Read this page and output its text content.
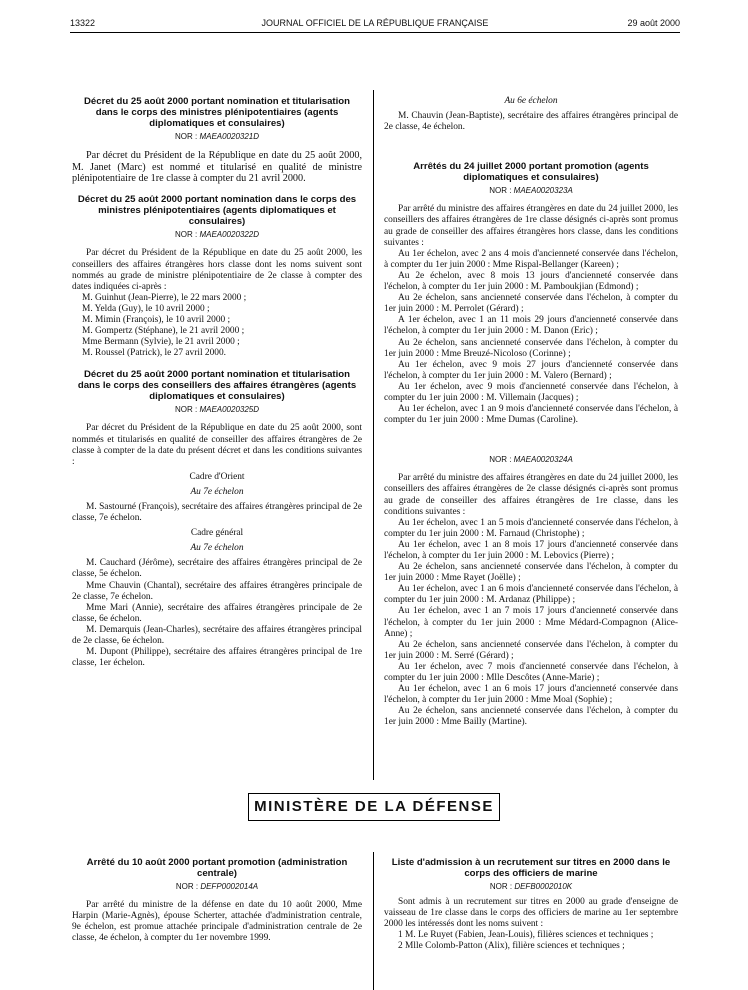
13322	JOURNAL OFFICIEL DE LA RÉPUBLIQUE FRANÇAISE	29 août 2000
Décret du 25 août 2000 portant nomination et titularisation dans le corps des ministres plénipotentiaires (agents diplomatiques et consulaires)
NOR : MAEA0020321D

Par décret du Président de la République en date du 25 août 2000, M. Janet (Marc) est nommé et titularisé en qualité de ministre plénipotentiaire de 1re classe à compter du 21 avril 2000.

Décret du 25 août 2000 portant nomination dans le corps des ministres plénipotentiaires (agents diplomatiques et consulaires)
NOR : MAEA0020322D

Par décret du Président de la République en date du 25 août 2000, les conseillers des affaires étrangères hors classe dont les noms suivent sont nommés au grade de ministre plénipotentiaire de 2e classe à compter des dates indiquées ci-après :

M. Guinhut (Jean-Pierre), le 22 mars 2000 ;

M. Yelda (Guy), le 10 avril 2000 ;

M. Mimin (François), le 10 avril 2000 ;

M. Gompertz (Stéphane), le 21 avril 2000 ;

Mme Bermann (Sylvie), le 21 avril 2000 ;

M. Roussel (Patrick), le 27 avril 2000.

Décret du 25 août 2000 portant nomination et titularisation dans le corps des conseillers des affaires étrangères (agents diplomatiques et consulaires)
NOR : MAEA0020325D

Par décret du Président de la République en date du 25 août 2000, sont nommés et titularisés en qualité de conseiller des affaires étrangères de 2e classe à compter de la date du présent décret et dans les conditions suivantes :

Cadre d'Orient

Au 7e échelon

M. Sastourné (François), secrétaire des affaires étrangères principal de 2e classe, 7e échelon.

Cadre général

Au 7e échelon

M. Cauchard (Jérôme), secrétaire des affaires étrangères principal de 2e classe, 5e échelon.

Mme Chauvin (Chantal), secrétaire des affaires étrangères principale de 2e classe, 7e échelon.

Mme Mari (Annie), secrétaire des affaires étrangères principale de 2e classe, 6e échelon.

M. Demarquis (Jean-Charles), secrétaire des affaires étrangères principal de 2e classe, 6e échelon.

M. Dupont (Philippe), secrétaire des affaires étrangères principal de 1re classe, 1er échelon.

Au 6e échelon

M. Chauvin (Jean-Baptiste), secrétaire des affaires étrangères principal de 2e classe, 4e échelon.

Arrêtés du 24 juillet 2000 portant promotion (agents diplomatiques et consulaires)
NOR : MAEA0020323A

Par arrêté du ministre des affaires étrangères en date du 24 juillet 2000, les conseillers des affaires étrangères de 1re classe désignés ci-après sont promus au grade de conseiller des affaires étrangères hors classe, dans les conditions suivantes :

Au 1er échelon, avec 2 ans 4 mois d'ancienneté conservée dans l'échelon, à compter du 1er juin 2000 : Mme Rispal-Bellanger (Kareen) ;

Au 2e échelon, avec 8 mois 13 jours d'ancienneté conservée dans l'échelon, à compter du 1er juin 2000 : M. Pamboukjian (Edmond) ;

Au 2e échelon, sans ancienneté conservée dans l'échelon, à compter du 1er juin 2000 : M. Perrolet (Gérard) ;

A 1er échelon, avec 1 an 11 mois 29 jours d'ancienneté conservée dans l'échelon, à compter du 1er juin 2000 : M. Danon (Eric) ;

Au 2e échelon, sans ancienneté conservée dans l'échelon, à compter du 1er juin 2000 : Mme Breuzé-Nicoloso (Corinne) ;

Au 1er échelon, avec 9 mois 27 jours d'ancienneté conservée dans l'échelon, à compter du 1er juin 2000 : M. Valero (Bernard) ;

Au 1er échelon, avec 9 mois d'ancienneté conservée dans l'échelon, à compter du 1er juin 2000 : M. Villemain (Jacques) ;

Au 1er échelon, avec 1 an 9 mois d'ancienneté conservée dans l'échelon, à compter du 1er juin 2000 : Mme Dumas (Caroline).

NOR : MAEA0020324A

Par arrêté du ministre des affaires étrangères en date du 24 juillet 2000, les conseillers des affaires étrangères de 2e classe désignés ci-après sont promus au grade de conseiller des affaires étrangères de 1re classe, dans les conditions suivantes :

Au 1er échelon, avec 1 an 5 mois d'ancienneté conservée dans l'échelon, à compter du 1er juin 2000 : M. Farnaud (Christophe) ;

Au 1er échelon, avec 1 an 8 mois 17 jours d'ancienneté conservée dans l'échelon, à compter du 1er juin 2000 : M. Lebovics (Pierre) ;

Au 2e échelon, sans ancienneté conservée dans l'échelon, à compter du 1er juin 2000 : Mme Rayet (Joëlle) ;

Au 1er échelon, avec 1 an 6 mois d'ancienneté conservée dans l'échelon, à compter du 1er juin 2000 : M. Ardanaz (Philippe) ;

Au 1er échelon, avec 1 an 7 mois 17 jours d'ancienneté conservée dans l'échelon, à compter du 1er juin 2000 : Mme Médard-Compagnon (Alice-Anne) ;

Au 2e échelon, sans ancienneté conservée dans l'échelon, à compter du 1er juin 2000 : M. Serré (Gérard) ;

Au 1er échelon, avec 7 mois d'ancienneté conservée dans l'échelon, à compter du 1er juin 2000 : Mlle Descôtes (Anne-Marie) ;

Au 1er échelon, avec 1 an 6 mois 17 jours d'ancienneté conservée dans l'échelon, à compter du 1er juin 2000 : Mme Moal (Sophie) ;

Au 2e échelon, sans ancienneté conservée dans l'échelon, à compter du 1er juin 2000 : Mme Bailly (Martine).

MINISTÈRE DE LA DÉFENSE
Arrêté du 10 août 2000 portant promotion (administration centrale)
NOR : DEFP0002014A

Par arrêté du ministre de la défense en date du 10 août 2000, Mme Harpin (Marie-Agnès), épouse Scherter, attachée d'administration centrale, 9e échelon, est promue attachée principale d'administration centrale de 2e classe, 4e échelon, à compter du 1er novembre 1999.

Liste d'admission à un recrutement sur titres en 2000 dans le corps des officiers de marine
NOR : DEFB0002010K

Sont admis à un recrutement sur titres en 2000 au grade d'enseigne de vaisseau de 1re classe dans le corps des officiers de marine au 1er septembre 2000 les intéressés dont les noms suivent :

1 M. Le Ruyet (Fabien, Jean-Louis), filières sciences et techniques ;

2 Mlle Colomb-Patton (Alix), filière sciences et techniques ;
